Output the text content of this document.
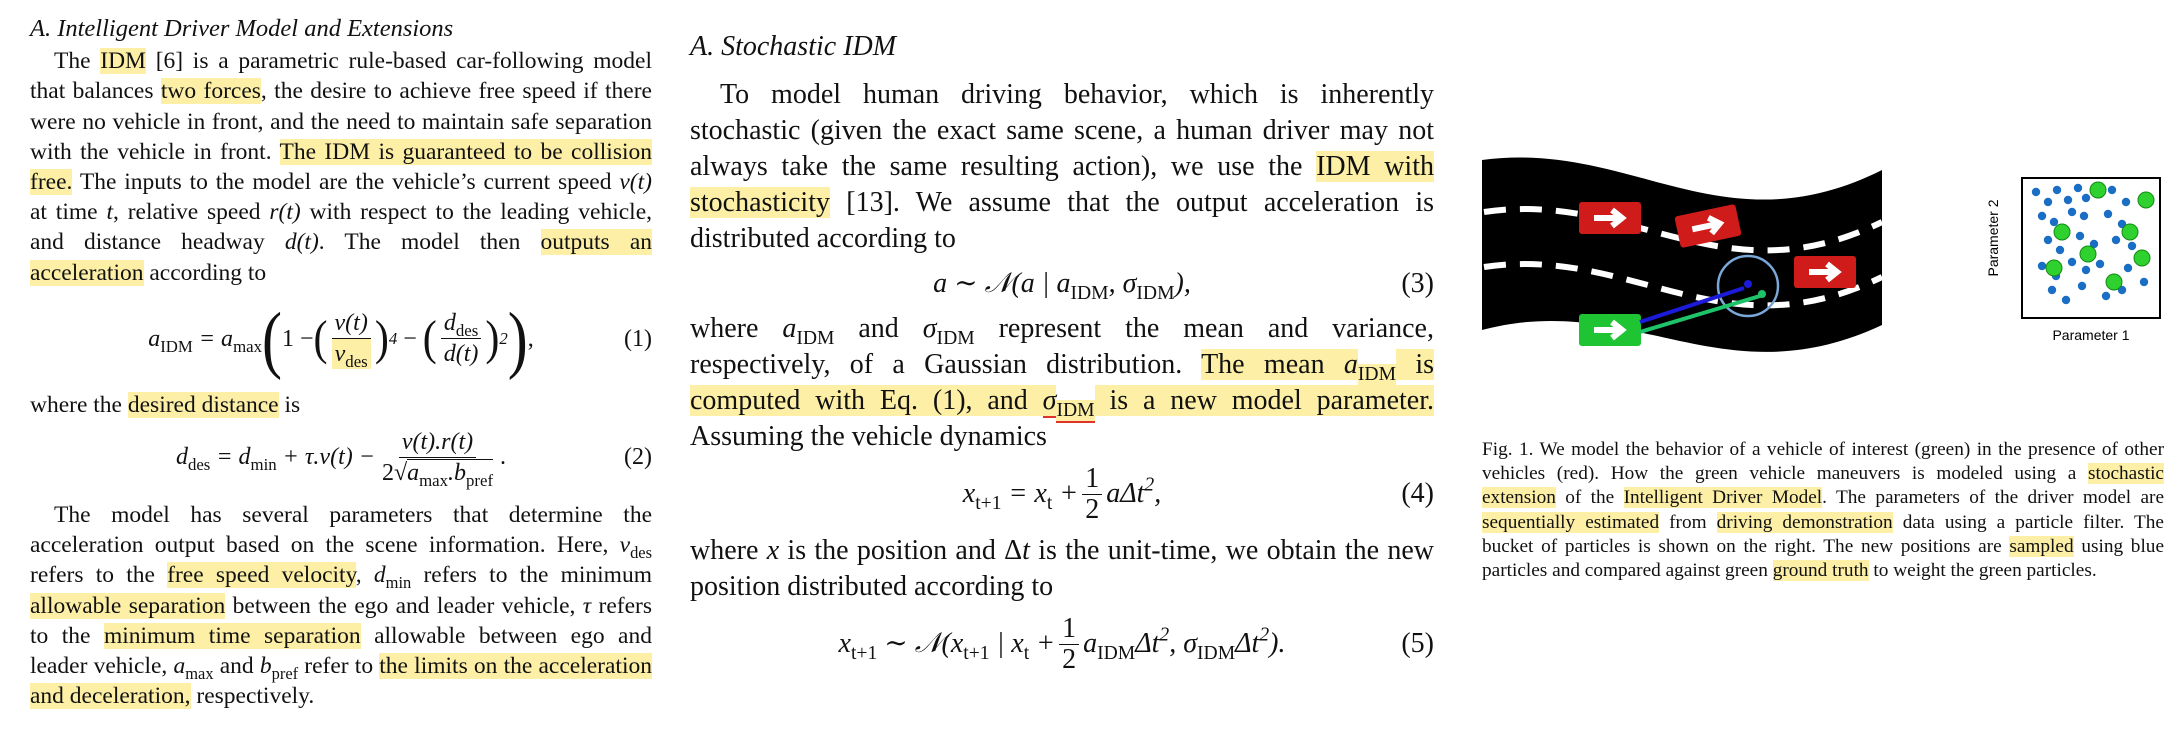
A. Intelligent Driver Model and Extensions

The IDM [6] is a parametric rule-based car-following model that balances two forces, the desire to achieve free speed if there were no vehicle in front, and the need to maintain safe separation with the vehicle in front. The IDM is guaranteed to be collision free. The inputs to the model are the vehicle’s current speed v(t) at time t, relative speed r(t) with respect to the leading vehicle, and distance headway d(t). The model then outputs an acceleration according to

$a_{IDM} = a_{max}$ ( 1 − ( $\frac{v(t)}{v_{des}}$ ) 4 − ( $\frac{d_{des}}{d(t)}$ ) 2 ) ,	(1)

where the desired distance is

$d_{des} = d_{min} + \tau.v(t) - \frac{v(t).r(t)}{2√a_{max}.b_{pref}}$ .	(2)

The model has several parameters that determine the acceleration output based on the scene information. Here, $v_{des}$ refers to the free speed velocity, $d_{min}$ refers to the minimum allowable separation between the ego and leader vehicle, τ refers to the minimum time separation allowable between ego and leader vehicle, $a_{max}$ and $b_{pref}$ refer to the limits on the acceleration and deceleration, respectively.

A. Stochastic IDM

To model human driving behavior, which is inherently stochastic (given the exact same scene, a human driver may not always take the same resulting action), we use the IDM with stochasticity [13]. We assume that the output acceleration is distributed according to

a ∼ 𝒩(a | $a_{IDM}$, $\sigma_{IDM}$),	(3)

where $a_{IDM}$ and $\sigma_{IDM}$ represent the mean and variance, respectively, of a Gaussian distribution. The mean $a_{IDM}$ is computed with Eq. (1), and $\sigma_{IDM}$ is a new model parameter. Assuming the vehicle dynamics

$x_{t+1} = x_t + \frac{1}{2} a\Delta t^2$,	(4)

where x is the position and Δt is the unit-time, we obtain the new position distributed according to

$x_{t+1}$ ∼ $𝒩(x_{t+1}$ | $x_t + \frac{1}{2} a_{IDM}\Delta t^2$, $\sigma_{IDM}\Delta t^2$).	(5)
Parameter 2
Parameter 1

Fig. 1. We model the behavior of a vehicle of interest (green) in the presence of other vehicles (red). How the green vehicle maneuvers is modeled using a stochastic extension of the Intelligent Driver Model. The parameters of the driver model are sequentially estimated from driving demonstration data using a particle filter. The bucket of particles is shown on the right. The new positions are sampled using blue particles and compared against green ground truth to weight the green particles.
